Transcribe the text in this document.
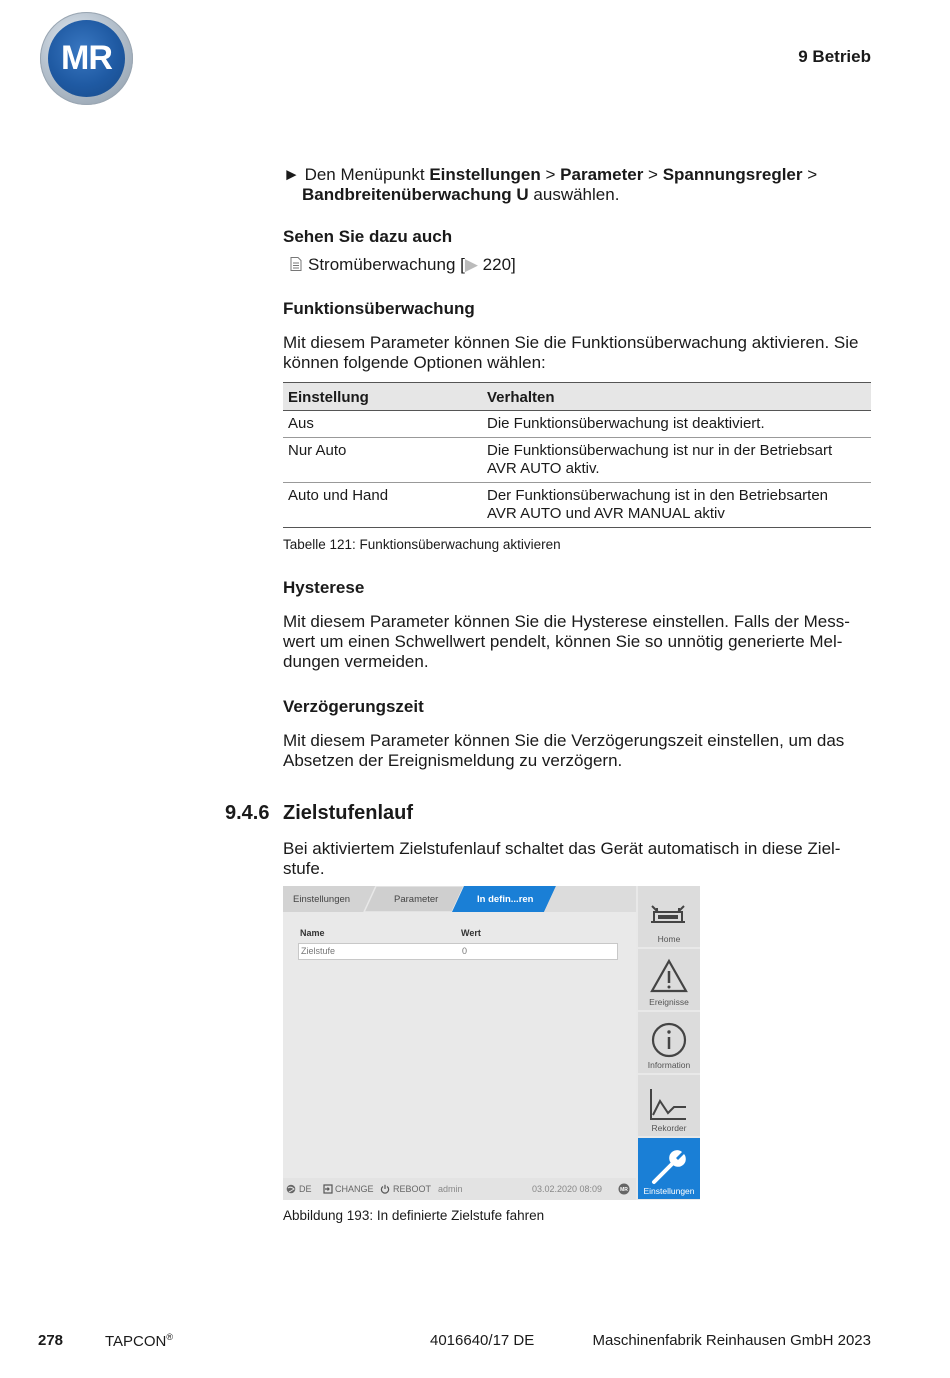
MR	9 Betrieb
► Den Menüpunkt Einstellungen > Parameter > Spannungsregler >
Bandbreitenüberwachung U auswählen.
Sehen Sie dazu auch
Stromüberwachung [▶ 220]
Funktionsüberwachung
Mit diesem Parameter können Sie die Funktionsüberwachung aktivieren. Sie
können folgende Optionen wählen:
Einstellung	Verhalten
Aus	Die Funktionsüberwachung ist deaktiviert.
Nur Auto	Die Funktionsüberwachung ist nur in der Betriebsart AVR AUTO aktiv.
Auto und Hand	Der Funktionsüberwachung ist in den Betriebsarten AVR AUTO und AVR MANUAL aktiv
Tabelle 121: Funktionsüberwachung aktivieren
Hysterese
Mit diesem Parameter können Sie die Hysterese einstellen. Falls der Mess-
wert um einen Schwellwert pendelt, können Sie so unnötig generierte Mel-
dungen vermeiden.
Verzögerungszeit
Mit diesem Parameter können Sie die Verzögerungszeit einstellen, um das
Absetzen der Ereignismeldung zu verzögern.
9.4.6 Zielstufenlauf
Bei aktiviertem Zielstufenlauf schaltet das Gerät automatisch in diese Ziel-
stufe.
Einstellungen	Parameter	In defin...ren
Name	Wert
Zielstufe	0
DE	CHANGE REBOOT admin	03.02.2020 08:09	MR
Home
Ereignisse
Information
Rekorder
Einstellungen
Abbildung 193: In definierte Zielstufe fahren
278	TAPCON®	4016640/17 DE	Maschinenfabrik Reinhausen GmbH 2023
